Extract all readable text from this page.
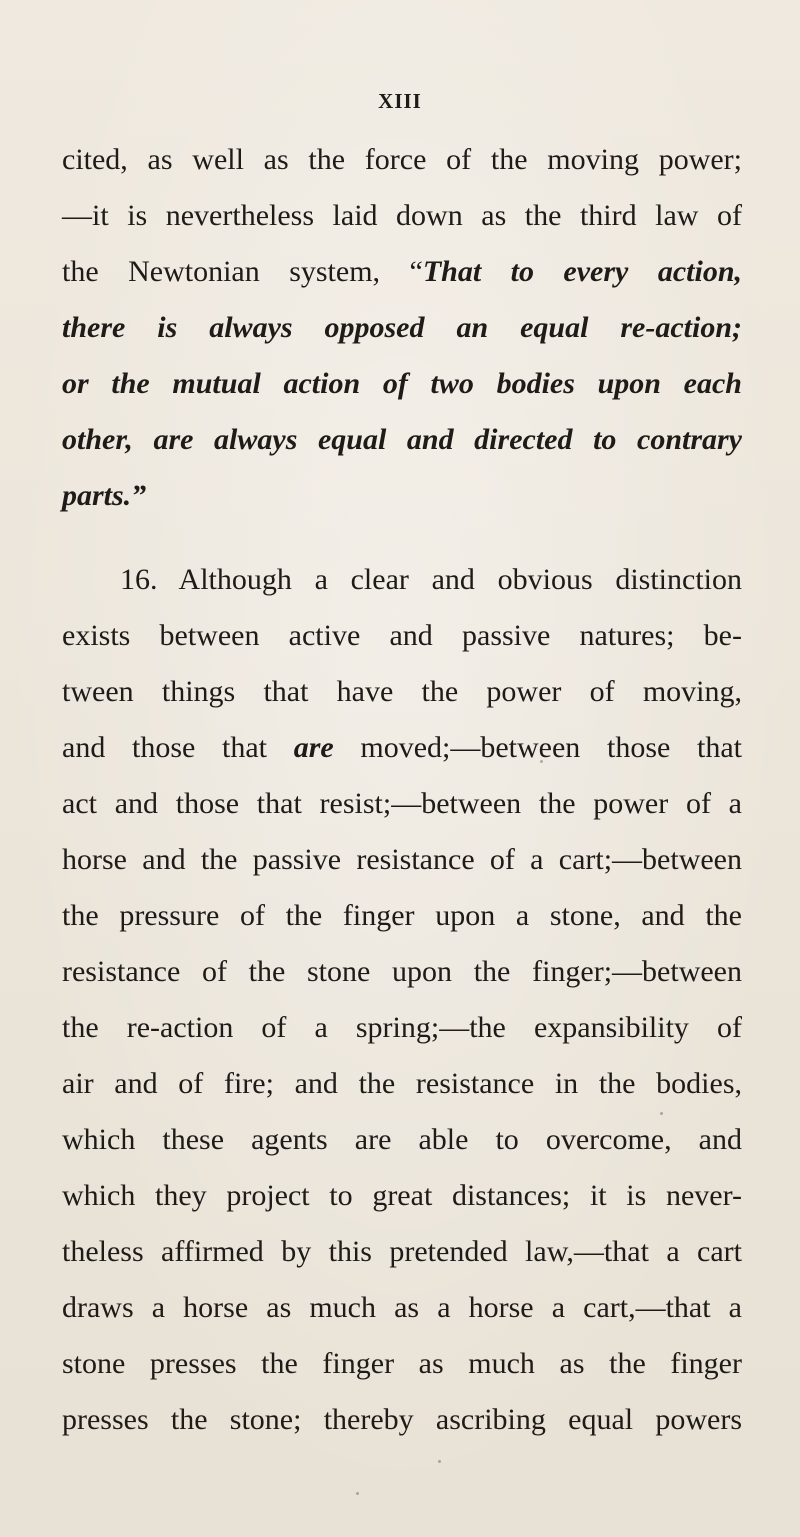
xiii
cited, as well as the force of the moving power;
—it is nevertheless laid down as the third law of
the Newtonian system, “That to every action,
there is always opposed an equal re-action;
or the mutual action of two bodies upon each
other, are always equal and directed to contrary
parts.”
16. Although a clear and obvious distinction
exists between active and passive natures; be-
tween things that have the power of moving,
and those that are moved;—between those that
act and those that resist;—between the power of a
horse and the passive resistance of a cart;—between
the pressure of the finger upon a stone, and the
resistance of the stone upon the finger;—between
the re-action of a spring;—the expansibility of
air and of fire; and the resistance in the bodies,
which these agents are able to overcome, and
which they project to great distances; it is never-
theless affirmed by this pretended law,—that a cart
draws a horse as much as a horse a cart,—that a
stone presses the finger as much as the finger
presses the stone; thereby ascribing equal powers
